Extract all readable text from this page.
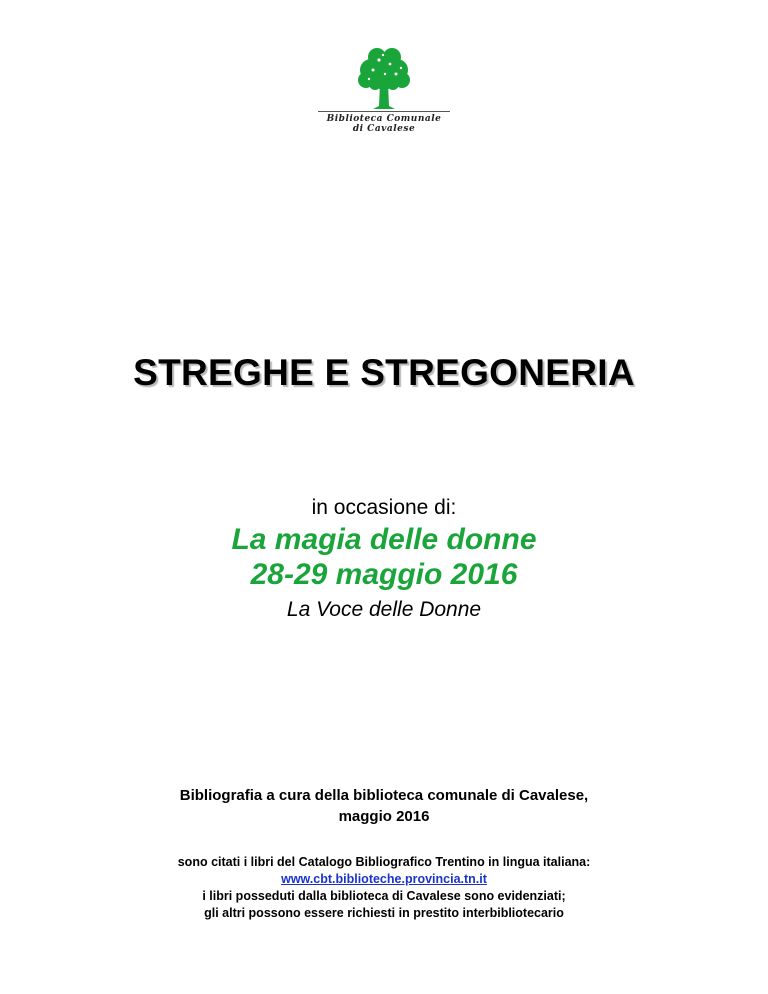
Biblioteca Comunale
di Cavalese
STREGHE E STREGONERIA
in occasione di:
La magia delle donne
28-29 maggio 2016
La Voce delle Donne
Bibliografia a cura della biblioteca comunale di Cavalese,
maggio 2016
sono citati i libri del Catalogo Bibliografico Trentino in lingua italiana:
www.cbt.biblioteche.provincia.tn.it
i libri posseduti dalla biblioteca di Cavalese sono evidenziati;
gli altri possono essere richiesti in prestito interbibliotecario
